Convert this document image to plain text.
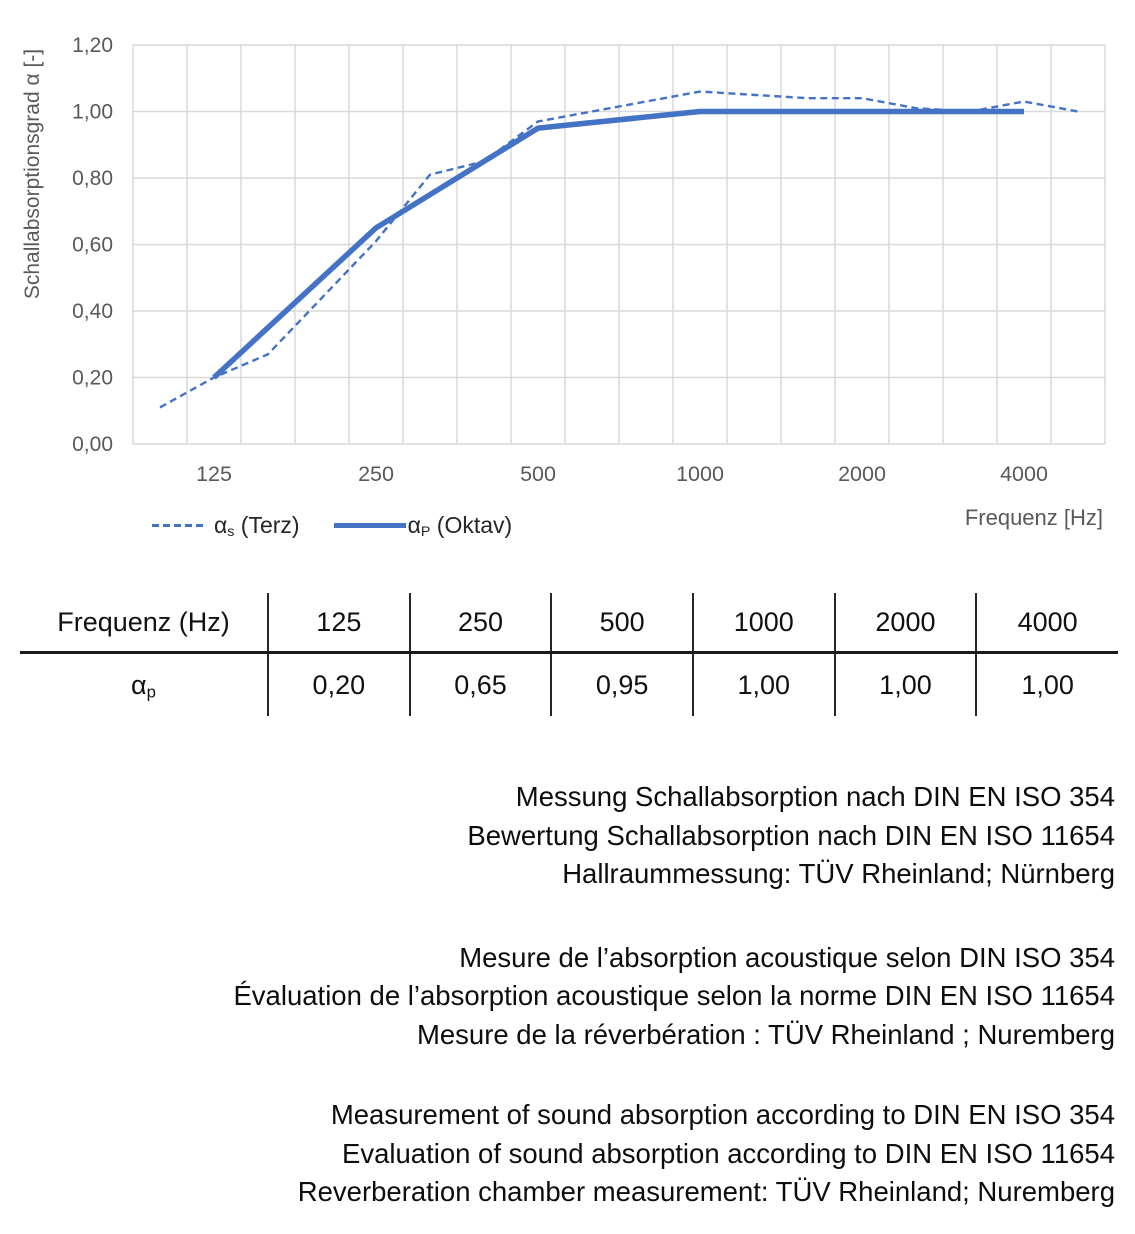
0,00
0,20
0,40
0,60
0,80
1,00
1,20
125	250	500	1000	2000	4000
Schallabsorptionsgrad α [-]
Frequenz [Hz]
$\alpha_s$ (Terz)	$\alpha_P$ (Oktav)
Frequenz (Hz)	125	250	500	1000	2000	4000
$\alpha_p$	0,20	0,65	0,95	1,00	1,00	1,00
Messung Schallabsorption nach DIN EN ISO 354
Bewertung Schallabsorption nach DIN EN ISO 11654
Hallraummessung: TÜV Rheinland; Nürnberg
Mesure de l’absorption acoustique selon DIN ISO 354
Évaluation de l’absorption acoustique selon la norme DIN EN ISO 11654
Mesure de la réverbération : TÜV Rheinland ; Nuremberg
Measurement of sound absorption according to DIN EN ISO 354
Evaluation of sound absorption according to DIN EN ISO 11654
Reverberation chamber measurement: TÜV Rheinland; Nuremberg
